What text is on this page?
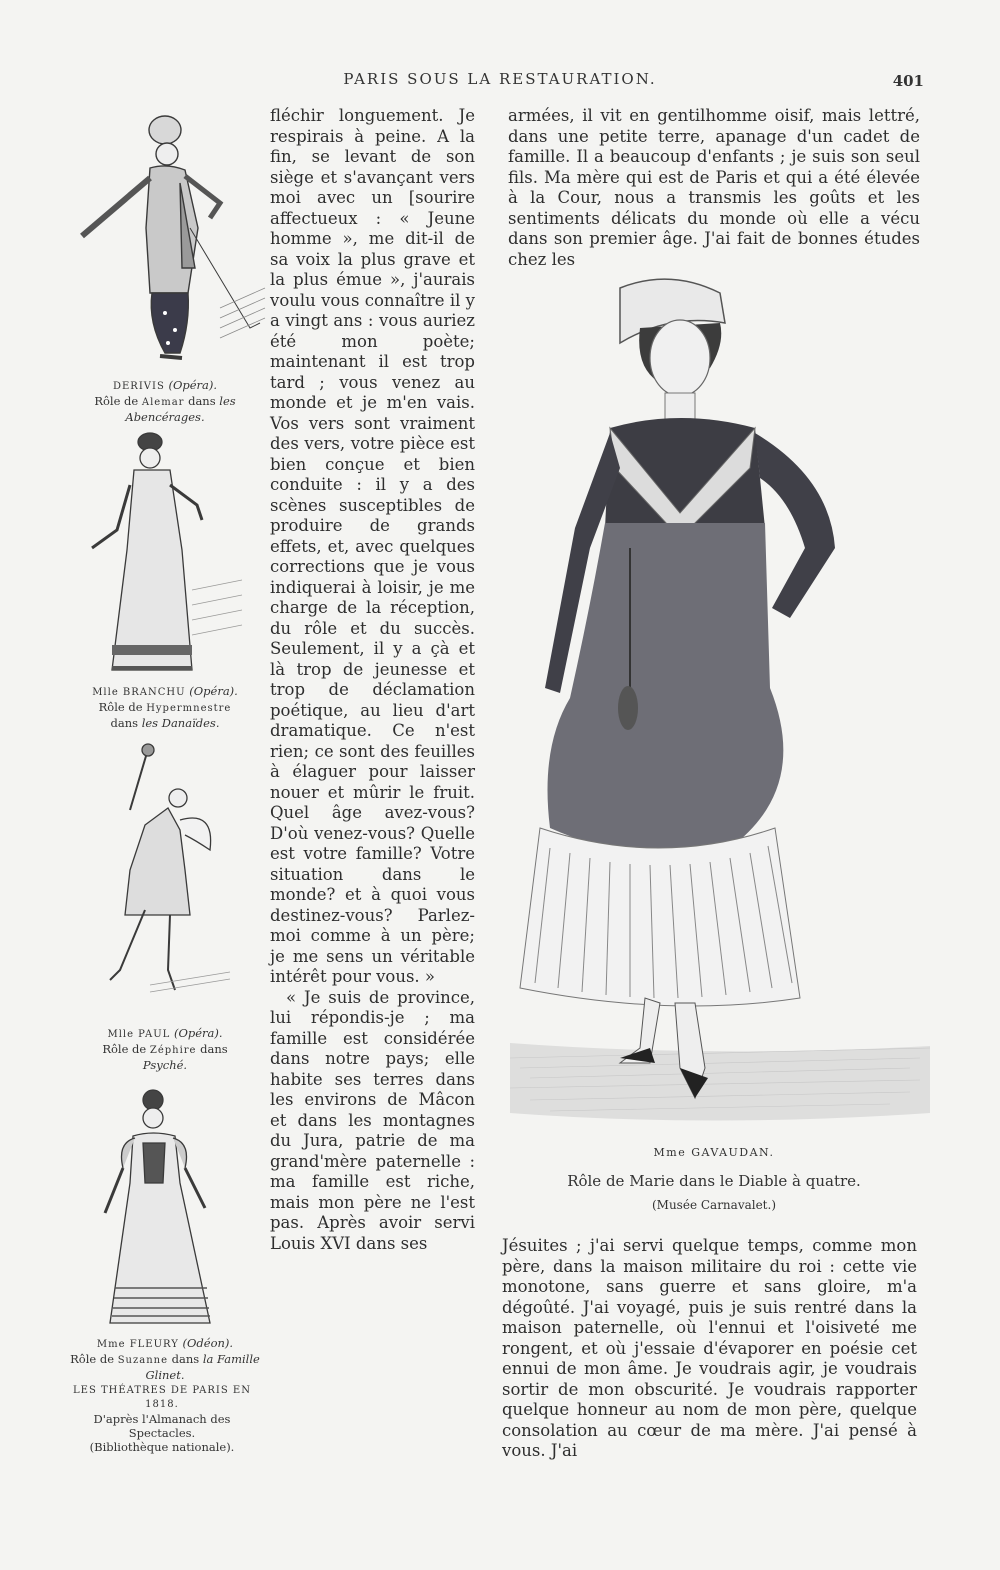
PARIS SOUS LA RESTAURATION.	401
DERIVIS (Opéra).
Rôle de Alemar dans les Abencérages.
Mlle BRANCHU (Opéra).
Rôle de Hypermnestre
dans les Danaïdes.
Mlle PAUL (Opéra).
Rôle de Zéphire dans
Psyché.
Mme FLEURY (Odéon).
Rôle de Suzanne dans la Famille Glinet.
LES THÉATRES DE PARIS EN 1818.
D'après l'Almanach des Spectacles.
(Bibliothèque nationale).

fléchir longuement. Je respirais à peine. A la fin, se levant de son siège et s'avançant vers moi avec un [sourire affectueux : « Jeune homme », me dit-il de sa voix la plus grave et la plus émue », j'aurais voulu vous connaître il y a vingt ans : vous auriez été mon poète; maintenant il est trop tard ; vous venez au monde et je m'en vais. Vos vers sont vraiment des vers, votre pièce est bien conçue et bien conduite : il y a des scènes susceptibles de produire de grands effets, et, avec quelques corrections que je vous indiquerai à loisir, je me charge de la réception, du rôle et du succès. Seulement, il y a çà et là trop de jeunesse et trop de déclamation poétique, au lieu d'art dramatique. Ce n'est rien; ce sont des feuilles à élaguer pour laisser nouer et mûrir le fruit. Quel âge avez-vous? D'où venez-vous? Quelle est votre famille? Votre situation dans le monde? et à quoi vous destinez-vous? Parlez-moi comme à un père; je me sens un véritable intérêt pour vous. »

« Je suis de province, lui répondis-je ; ma famille est considérée dans notre pays; elle habite ses terres dans les environs de Mâcon et dans les montagnes du Jura, patrie de ma grand'mère paternelle : ma famille est riche, mais mon père ne l'est pas. Après avoir servi Louis XVI dans ses

armées, il vit en gentilhomme oisif, mais lettré, dans une petite terre, apanage d'un cadet de famille. Il a beaucoup d'enfants ; je suis son seul fils. Ma mère qui est de Paris et qui a été élevée à la Cour, nous a transmis les goûts et les sentiments délicats du monde où elle a vécu dans son premier âge. J'ai fait de bonnes études chez les

Mme GAVAUDAN.
Rôle de Marie dans le Diable à quatre.
(Musée Carnavalet.)

Jésuites ; j'ai servi quelque temps, comme mon père, dans la maison militaire du roi : cette vie monotone, sans guerre et sans gloire, m'a dégoûté. J'ai voyagé, puis je suis rentré dans la maison paternelle, où l'ennui et l'oisiveté me rongent, et où j'essaie d'évaporer en poésie cet ennui de mon âme. Je voudrais agir, je voudrais sortir de mon obscurité. Je voudrais rapporter quelque honneur au nom de mon père, quelque consolation au cœur de ma mère. J'ai pensé à vous. J'ai
